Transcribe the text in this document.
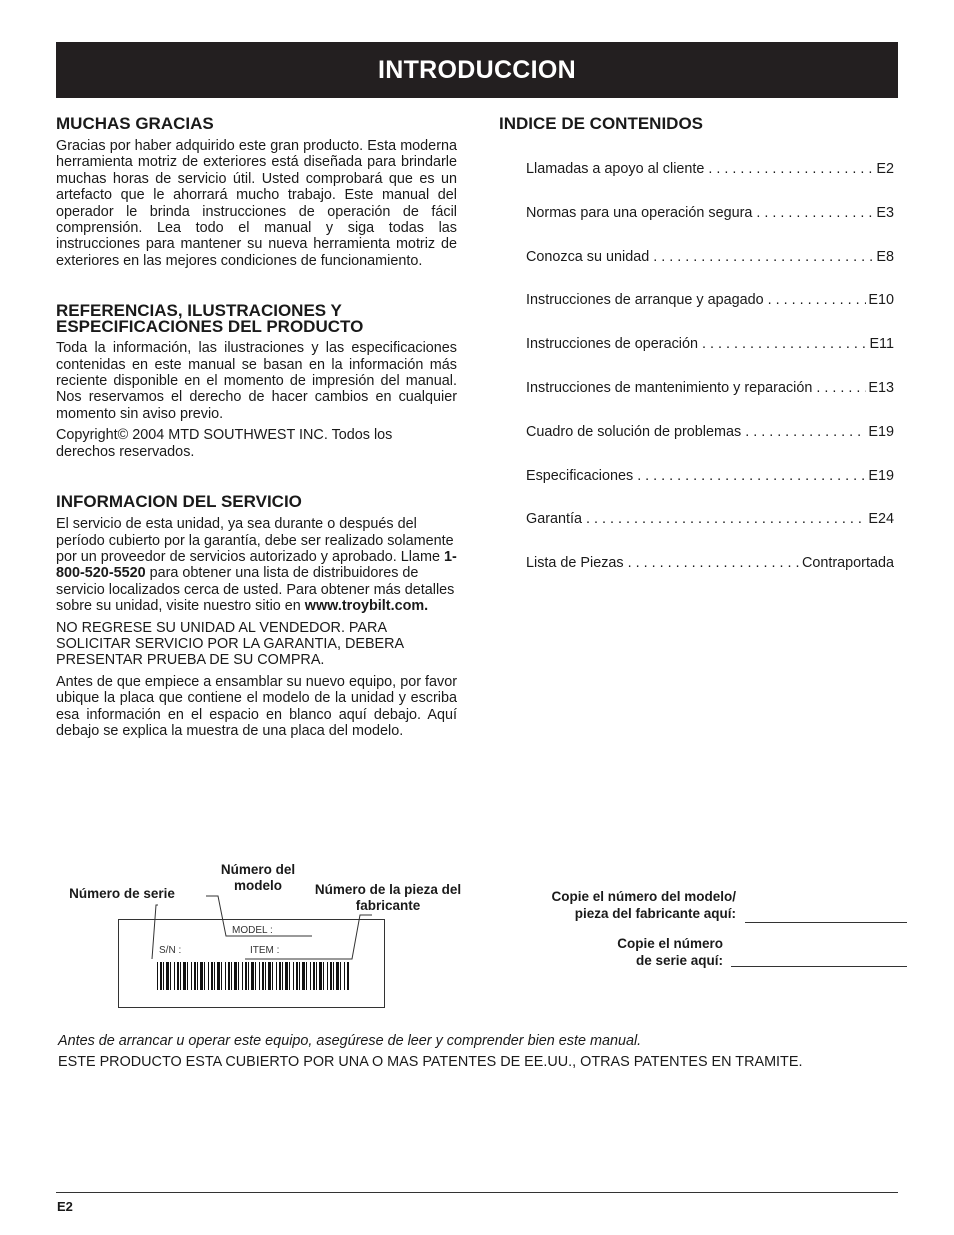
INTRODUCCION
MUCHAS GRACIAS

Gracias por haber adquirido este gran producto. Esta moderna herramienta motriz de exteriores está diseñada para brindarle muchas horas de servicio útil. Usted comprobará que es un artefacto que le ahorrará mucho trabajo. Este manual del operador le brinda instrucciones de operación de fácil comprensión. Lea todo el manual y siga todas las instrucciones para mantener su nueva herramienta motriz de exteriores en las mejores condiciones de funcionamiento.

REFERENCIAS, ILUSTRACIONES Y ESPECIFICACIONES DEL PRODUCTO

Toda la información, las ilustraciones y las especificaciones contenidas en este manual se basan en la información más reciente disponible en el momento de impresión del manual. Nos reservamos el derecho de hacer cambios en cualquier momento sin aviso previo.

Copyright© 2004 MTD SOUTHWEST INC. Todos los derechos reservados.

INFORMACION DEL SERVICIO

El servicio de esta unidad, ya sea durante o después del período cubierto por la garantía, debe ser realizado solamente por un proveedor de servicios autorizado y aprobado. Llame 1-800-520-5520 para obtener una lista de distribuidores de servicio localizados cerca de usted. Para obtener más detalles sobre su unidad, visite nuestro sitio en www.troybilt.com.

NO REGRESE SU UNIDAD AL VENDEDOR. PARA SOLICITAR SERVICIO POR LA GARANTIA, DEBERA PRESENTAR PRUEBA DE SU COMPRA.

Antes de que empiece a ensamblar su nuevo equipo, por favor ubique la placa que contiene el modelo de la unidad y escriba esa información en el espacio en blanco aquí debajo. Aquí debajo se explica la muestra de una placa del modelo.

INDICE DE CONTENIDOS
Llamadas a apoyo al cliente . . .	E2
Normas para una operación segura . . .	E3
Conozca su unidad . . .	E8
Instrucciones de arranque y apagado . . .	E10
Instrucciones de operación . . .	E11
Instrucciones de mantenimiento y reparación . . .	E13
Cuadro de solución de problemas . . .	E19
Especificaciones . . .	E19
Garantía . . .	E24
Lista de Piezas . . .	Contraportada
Número de serie
Número del modelo	Número de la pieza del fabricante
MODEL :
S/N :	ITEM :
Copie el número del modelo/
pieza del fabricante aquí:
Copie el número
de serie aquí:
Antes de arrancar u operar este equipo, asegúrese de leer y comprender bien este manual.
ESTE PRODUCTO ESTA CUBIERTO POR UNA O MAS PATENTES DE EE.UU., OTRAS PATENTES EN TRAMITE.
E2
